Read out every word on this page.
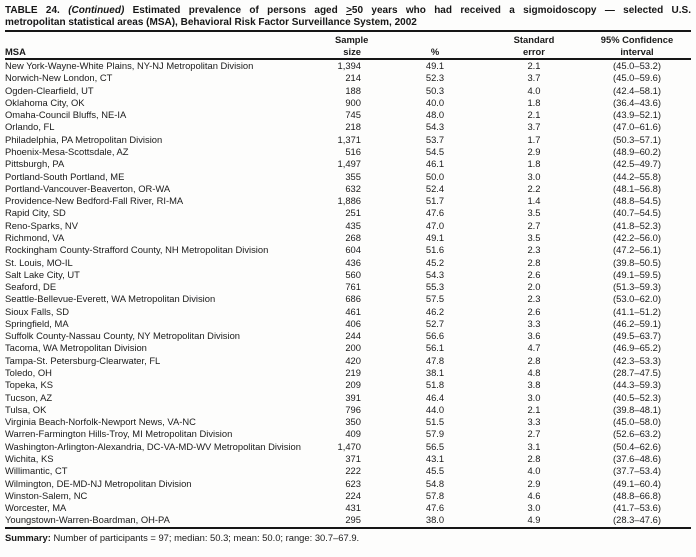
TABLE 24. (Continued) Estimated prevalence of persons aged ≥50 years who had received a sigmoidoscopy — selected U.S.
metropolitan statistical areas (MSA), Behavioral Risk Factor Surveillance System, 2002
	Sample		Standard	95% Confidence
MSA	size	%	error	interval
New York-Wayne-White Plains, NY-NJ Metropolitan Division	1,394	49.1	2.1	(45.0–53.2)
Norwich-New London, CT	214	52.3	3.7	(45.0–59.6)
Ogden-Clearfield, UT	188	50.3	4.0	(42.4–58.1)
Oklahoma City, OK	900	40.0	1.8	(36.4–43.6)
Omaha-Council Bluffs, NE-IA	745	48.0	2.1	(43.9–52.1)
Orlando, FL	218	54.3	3.7	(47.0–61.6)
Philadelphia, PA Metropolitan Division	1,371	53.7	1.7	(50.3–57.1)
Phoenix-Mesa-Scottsdale, AZ	516	54.5	2.9	(48.9–60.2)
Pittsburgh, PA	1,497	46.1	1.8	(42.5–49.7)
Portland-South Portland, ME	355	50.0	3.0	(44.2–55.8)
Portland-Vancouver-Beaverton, OR-WA	632	52.4	2.2	(48.1–56.8)
Providence-New Bedford-Fall River, RI-MA	1,886	51.7	1.4	(48.8–54.5)
Rapid City, SD	251	47.6	3.5	(40.7–54.5)
Reno-Sparks, NV	435	47.0	2.7	(41.8–52.3)
Richmond, VA	268	49.1	3.5	(42.2–56.0)
Rockingham County-Strafford County, NH Metropolitan Division	604	51.6	2.3	(47.2–56.1)
St. Louis, MO-IL	436	45.2	2.8	(39.8–50.5)
Salt Lake City, UT	560	54.3	2.6	(49.1–59.5)
Seaford, DE	761	55.3	2.0	(51.3–59.3)
Seattle-Bellevue-Everett, WA Metropolitan Division	686	57.5	2.3	(53.0–62.0)
Sioux Falls, SD	461	46.2	2.6	(41.1–51.2)
Springfield, MA	406	52.7	3.3	(46.2–59.1)
Suffolk County-Nassau County, NY Metropolitan Division	244	56.6	3.6	(49.5–63.7)
Tacoma, WA Metropolitan Division	200	56.1	4.7	(46.9–65.2)
Tampa-St. Petersburg-Clearwater, FL	420	47.8	2.8	(42.3–53.3)
Toledo, OH	219	38.1	4.8	(28.7–47.5)
Topeka, KS	209	51.8	3.8	(44.3–59.3)
Tucson, AZ	391	46.4	3.0	(40.5–52.3)
Tulsa, OK	796	44.0	2.1	(39.8–48.1)
Virginia Beach-Norfolk-Newport News, VA-NC	350	51.5	3.3	(45.0–58.0)
Warren-Farmington Hills-Troy, MI Metropolitan Division	409	57.9	2.7	(52.6–63.2)
Washington-Arlington-Alexandria, DC-VA-MD-WV Metropolitan Division	1,470	56.5	3.1	(50.4–62.6)
Wichita, KS	371	43.1	2.8	(37.6–48.6)
Willimantic, CT	222	45.5	4.0	(37.7–53.4)
Wilmington, DE-MD-NJ Metropolitan Division	623	54.8	2.9	(49.1–60.4)
Winston-Salem, NC	224	57.8	4.6	(48.8–66.8)
Worcester, MA	431	47.6	3.0	(41.7–53.6)
Youngstown-Warren-Boardman, OH-PA	295	38.0	4.9	(28.3–47.6)
Summary: Number of participants = 97; median: 50.3; mean: 50.0; range: 30.7–67.9.
